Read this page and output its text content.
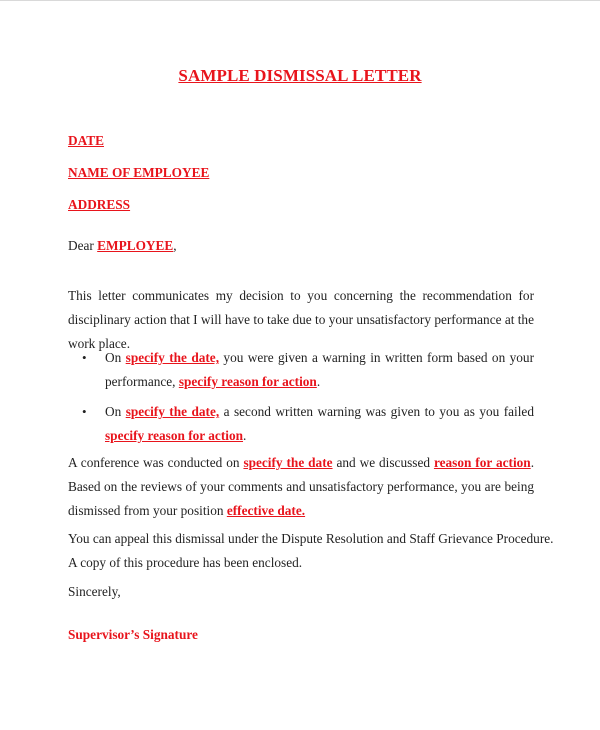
SAMPLE DISMISSAL LETTER
DATE
NAME OF EMPLOYEE
ADDRESS
Dear EMPLOYEE,
This letter communicates my decision to you concerning the recommendation for disciplinary action that I will have to take due to your unsatisfactory performance at the work place.
• On specify the date, you were given a warning in written form based on your performance, specify reason for action.
• On specify the date, a second written warning was given to you as you failed specify reason for action.
A conference was conducted on specify the date and we discussed reason for action. Based on the reviews of your comments and unsatisfactory performance, you are being dismissed from your position effective date.
You can appeal this dismissal under the Dispute Resolution and Staff Grievance Procedure.
A copy of this procedure has been enclosed.
Sincerely,
Supervisor’s Signature
